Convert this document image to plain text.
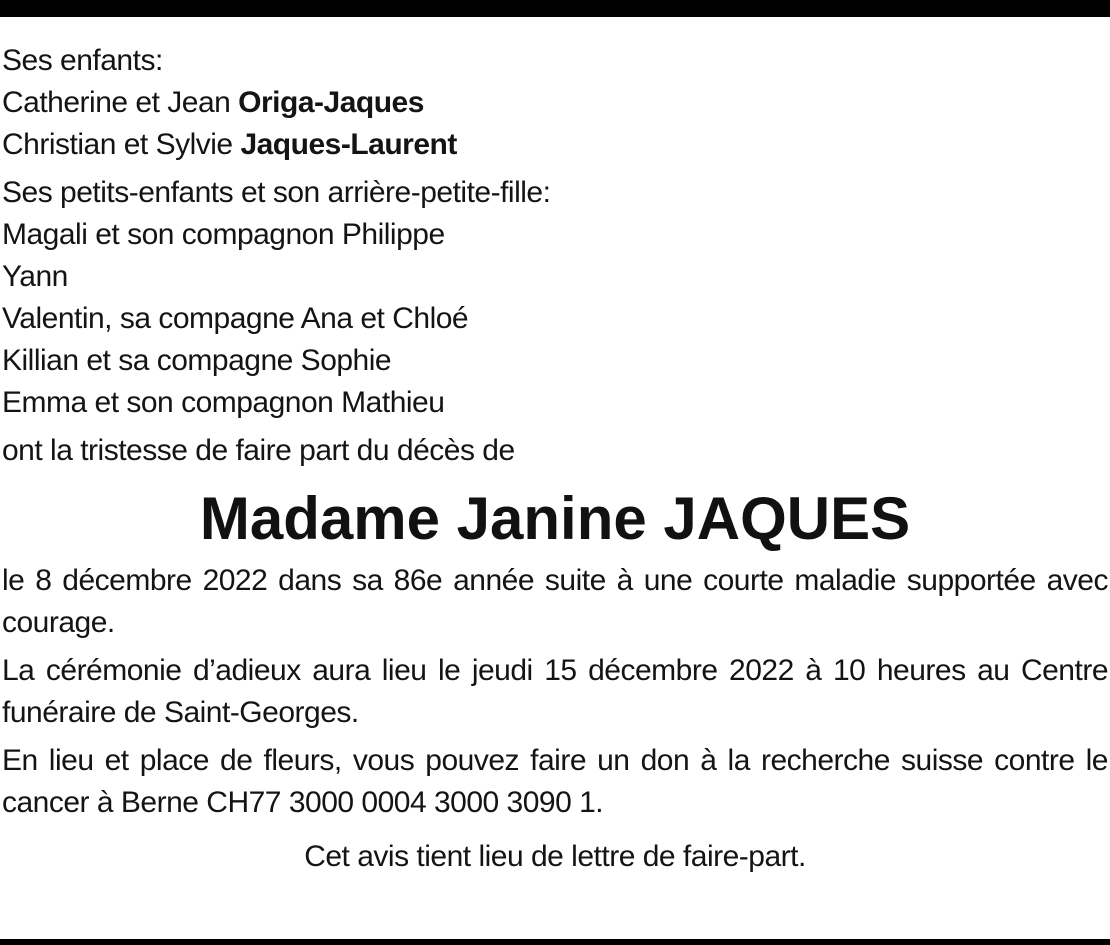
Ses enfants:
Catherine et Jean Origa-Jaques
Christian et Sylvie Jaques-Laurent
Ses petits-enfants et son arrière-petite-fille:
Magali et son compagnon Philippe
Yann
Valentin, sa compagne Ana et Chloé
Killian et sa compagne Sophie
Emma et son compagnon Mathieu
ont la tristesse de faire part du décès de
Madame Janine JAQUES
le 8 décembre 2022 dans sa 86e année suite à une courte maladie supportée avec courage.
La cérémonie d’adieux aura lieu le jeudi 15 décembre 2022 à 10 heures au Centre funéraire de Saint-Georges.
En lieu et place de fleurs, vous pouvez faire un don à la recherche suisse contre le cancer à Berne CH77 3000 0004 3000 3090 1.
Cet avis tient lieu de lettre de faire-part.
